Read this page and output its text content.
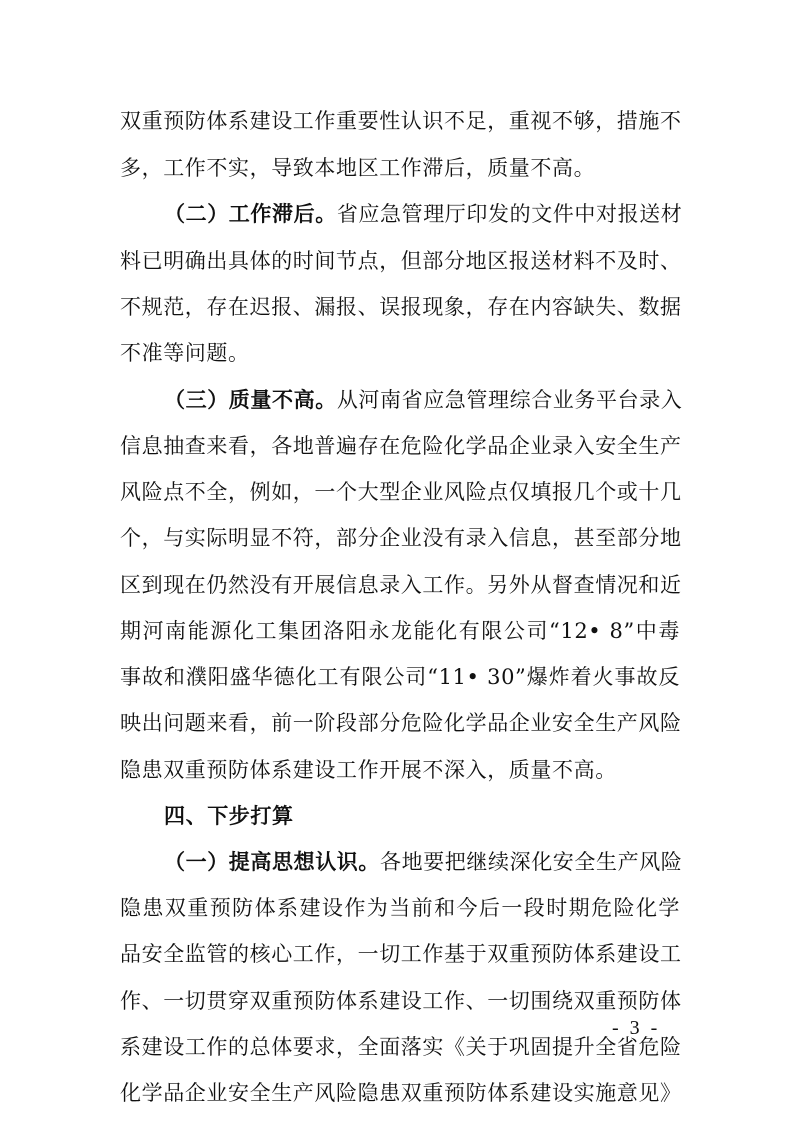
双重预防体系建设工作重要性认识不足，重视不够，措施不
多，工作不实，导致本地区工作滞后，质量不高。
（二）工作滞后。省应急管理厅印发的文件中对报送材
料已明确出具体的时间节点，但部分地区报送材料不及时、
不规范，存在迟报、漏报、误报现象，存在内容缺失、数据
不准等问题。
（三）质量不高。从河南省应急管理综合业务平台录入
信息抽查来看，各地普遍存在危险化学品企业录入安全生产
风险点不全，例如，一个大型企业风险点仅填报几个或十几
个，与实际明显不符，部分企业没有录入信息，甚至部分地
区到现在仍然没有开展信息录入工作。另外从督查情况和近
期河南能源化工集团洛阳永龙能化有限公司“12• 8”中毒
事故和濮阳盛华德化工有限公司“11• 30”爆炸着火事故反
映出问题来看，前一阶段部分危险化学品企业安全生产风险
隐患双重预防体系建设工作开展不深入，质量不高。
四、下步打算
（一）提高思想认识。各地要把继续深化安全生产风险
隐患双重预防体系建设作为当前和今后一段时期危险化学
品安全监管的核心工作，一切工作基于双重预防体系建设工
作、一切贯穿双重预防体系建设工作、一切围绕双重预防体
系建设工作的总体要求，全面落实《关于巩固提升全省危险
化学品企业安全生产风险隐患双重预防体系建设实施意见》
- 3 -
